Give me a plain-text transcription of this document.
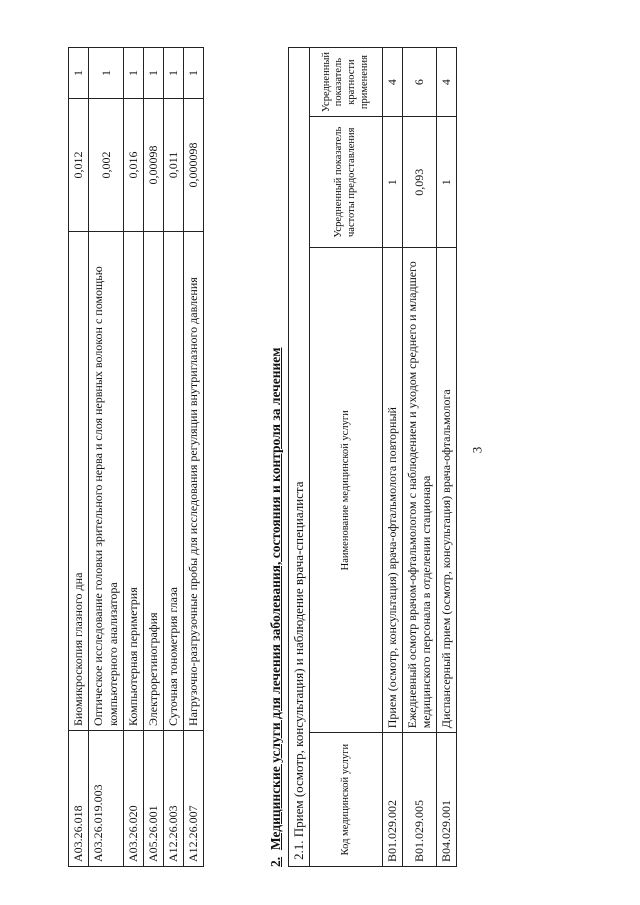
3
A03.26.018	Биомикроскопия глазного дна	0,012	1
A03.26.019.003	Оптическое исследование головки зрительного нерва и слоя нервных волокон с помощью компьютерного анализатора	0,002	1
A03.26.020	Компьютерная периметрия	0,016	1
A05.26.001	Электроретинография	0,00098	1
A12.26.003	Суточная тонометрия глаза	0,011	1
A12.26.007	Нагрузочно-разгрузочные пробы для исследования регуляции внутриглазного давления	0,000098	1
2.  Медицинские услуги для лечения заболевания, состояния и контроля за лечением 2.1. Прием (осмотр, консультация) и наблюдение врача-специалиста			
Код медицинской услуги	Наименование медицинской услуги	Усредненный показатель частоты предоставления	Усредненный показатель кратности применения
B01.029.002	Прием (осмотр, консультация) врача-офтальмолога повторный	1	4
B01.029.005	Ежедневный осмотр врачом-офтальмологом с наблюдением и уходом среднего и младшего медицинского персонала в отделении стационара	0,093	6
B04.029.001	Диспансерный прием (осмотр, консультация) врача-офтальмолога	1	4
